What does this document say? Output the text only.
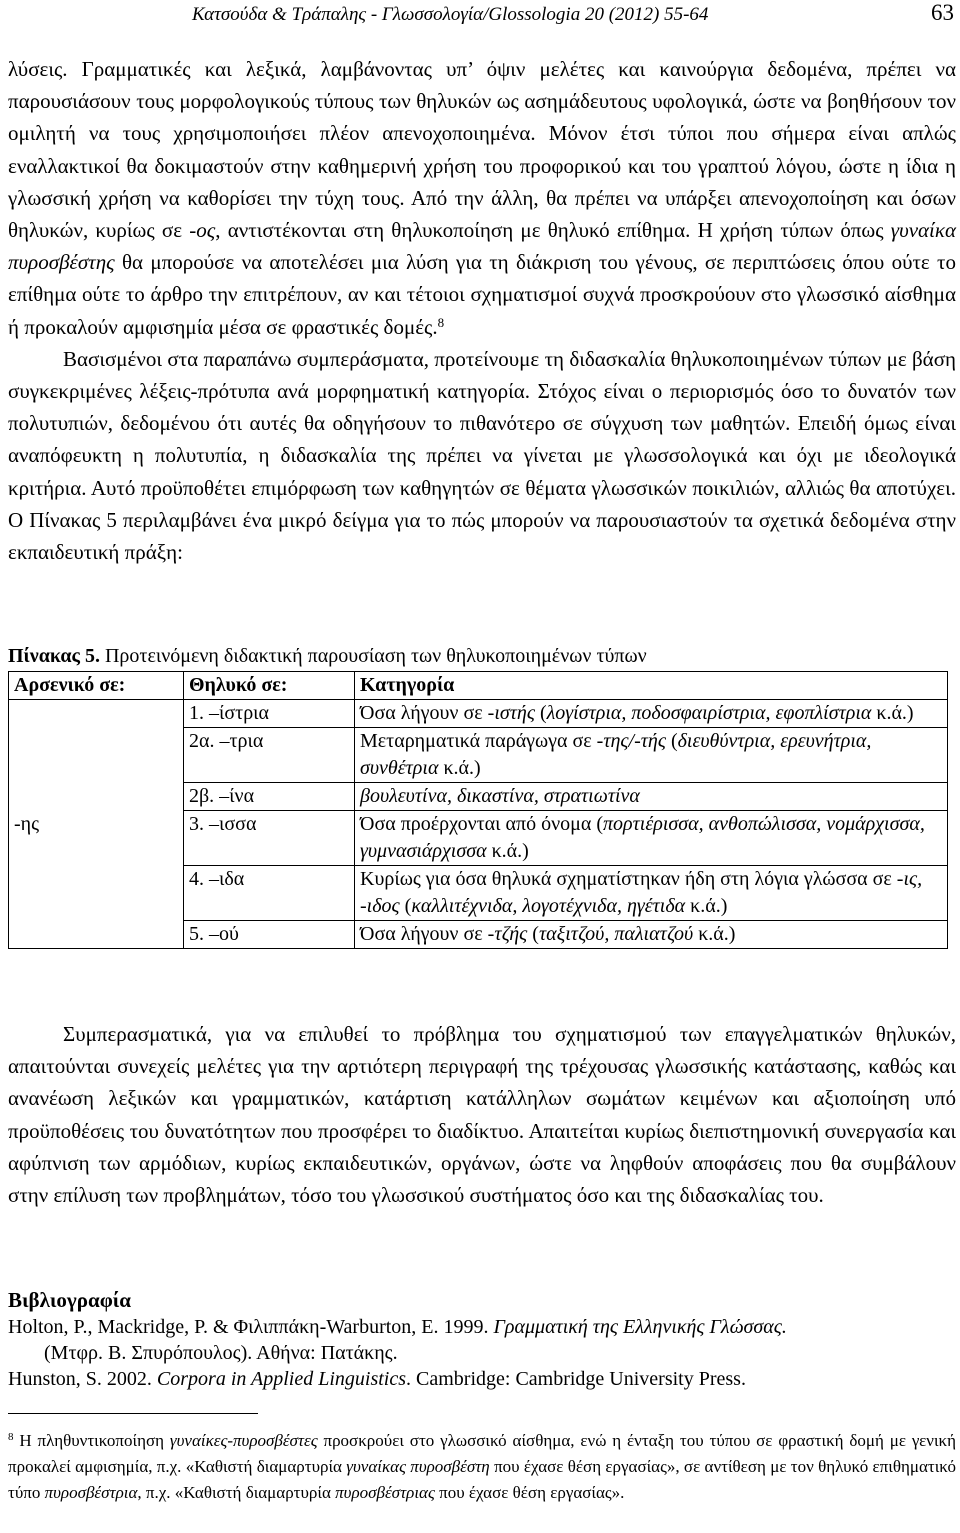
Κατσούδα & Τράπαλης - Γλωσσολογία/Glossologia 20 (2012) 55-64	63

λύσεις. Γραμματικές και λεξικά, λαμβάνοντας υπ’ όψιν μελέτες και καινούργια δεδομένα, πρέπει να παρουσιάσουν τους μορφολογικούς τύπους των θηλυκών ως ασημάδευτους υφολογικά, ώστε να βοηθήσουν τον ομιλητή να τους χρησιμοποιήσει πλέον απενοχοποιημένα. Μόνον έτσι τύποι που σήμερα είναι απλώς εναλλακτικοί θα δοκιμαστούν στην καθημερινή χρήση του προφορικού και του γραπτού λόγου, ώστε η ίδια η γλωσσική χρήση να καθορίσει την τύχη τους. Από την άλλη, θα πρέπει να υπάρξει απενοχοποίηση και όσων θηλυκών, κυρίως σε -ος, αντιστέκονται στη θηλυκοποίηση με θηλυκό επίθημα. Η χρήση τύπων όπως γυναίκα πυροσβέστης θα μπορούσε να αποτελέσει μια λύση για τη διάκριση του γένους, σε περιπτώσεις όπου ούτε το επίθημα ούτε το άρθρο την επιτρέπουν, αν και τέτοιοι σχηματισμοί συχνά προσκρούουν στο γλωσσικό αίσθημα ή προκαλούν αμφισημία μέσα σε φραστικές δομές.$^8$

Βασισμένοι στα παραπάνω συμπεράσματα, προτείνουμε τη διδασκαλία θηλυκοποιημένων τύπων με βάση συγκεκριμένες λέξεις-πρότυπα ανά μορφηματική κατηγορία. Στόχος είναι ο περιορισμός όσο το δυνατόν των πολυτυπιών, δεδομένου ότι αυτές θα οδηγήσουν το πιθανότερο σε σύγχυση των μαθητών. Επειδή όμως είναι αναπόφευκτη η πολυτυπία, η διδασκαλία της πρέπει να γίνεται με γλωσσολογικά και όχι με ιδεολογικά κριτήρια. Αυτό προϋποθέτει επιμόρφωση των καθηγητών σε θέματα γλωσσικών ποικιλιών, αλλιώς θα αποτύχει. Ο Πίνακας 5 περιλαμβάνει ένα μικρό δείγμα για το πώς μπορούν να παρουσιαστούν τα σχετικά δεδομένα στην εκπαιδευτική πράξη:

Πίνακας 5. Προτεινόμενη διδακτική παρουσίαση των θηλυκοποιημένων τύπων
Αρσενικό σε:	Θηλυκό σε:	Κατηγορία
-ης	1. ‒ίστρια	Όσα λήγουν σε -ιστής (λογίστρια, ποδοσφαιρίστρια, εφοπλίστρια κ.ά.)
	2α. ‒τρια	Μεταρηματικά παράγωγα σε -της/-τής (διευθύντρια, ερευνήτρια, συνθέτρια κ.ά.)
	2β. ‒ίνα	βουλευτίνα, δικαστίνα, στρατιωτίνα
	3. ‒ισσα	Όσα προέρχονται από όνομα (πορτιέρισσα, ανθοπώλισσα, νομάρχισσα, γυμνασιάρχισσα κ.ά.)
	4. ‒ιδα	Κυρίως για όσα θηλυκά σχηματίστηκαν ήδη στη λόγια γλώσσα σε -ις, -ιδος (καλλιτέχνιδα, λογοτέχνιδα, ηγέτιδα κ.ά.)
	5. ‒ού	Όσα λήγουν σε -τζής (ταξιτζού, παλιατζού κ.ά.)

Συμπερασματικά, για να επιλυθεί το πρόβλημα του σχηματισμού των επαγγελματικών θηλυκών, απαιτούνται συνεχείς μελέτες για την αρτιότερη περιγραφή της τρέχουσας γλωσσικής κατάστασης, καθώς και ανανέωση λεξικών και γραμματικών, κατάρτιση κατάλληλων σωμάτων κειμένων και αξιοποίηση υπό προϋποθέσεις του δυνατότητων που προσφέρει το διαδίκτυο. Απαιτείται κυρίως διεπιστημονική συνεργασία και αφύπνιση των αρμόδιων, κυρίως εκπαιδευτικών, οργάνων, ώστε να ληφθούν αποφάσεις που θα συμβάλουν στην επίλυση των προβλημάτων, τόσο του γλωσσικού συστήματος όσο και της διδασκαλίας του.

Βιβλιογραφία
Holton, P., Mackridge, P. & Φιλιππάκη-Warburton, E. 1999. Γραμματική της Ελληνικής Γλώσσας.
(Μτφρ. Β. Σπυρόπουλος). Αθήνα: Πατάκης.
Hunston, S. 2002. Corpora in Applied Linguistics. Cambridge: Cambridge University Press.
$^8$ Η πληθυντικοποίηση γυναίκες-πυροσβέστες προσκρούει στο γλωσσικό αίσθημα, ενώ η ένταξη του τύπου σε φραστική δομή με γενική προκαλεί αμφισημία, π.χ. «Καθιστή διαμαρτυρία γυναίκας πυροσβέστη που έχασε θέση εργασίας», σε αντίθεση με τον θηλυκό επιθηματικό τύπο πυροσβέστρια, π.χ. «Καθιστή διαμαρτυρία πυροσβέστριας που έχασε θέση εργασίας».
